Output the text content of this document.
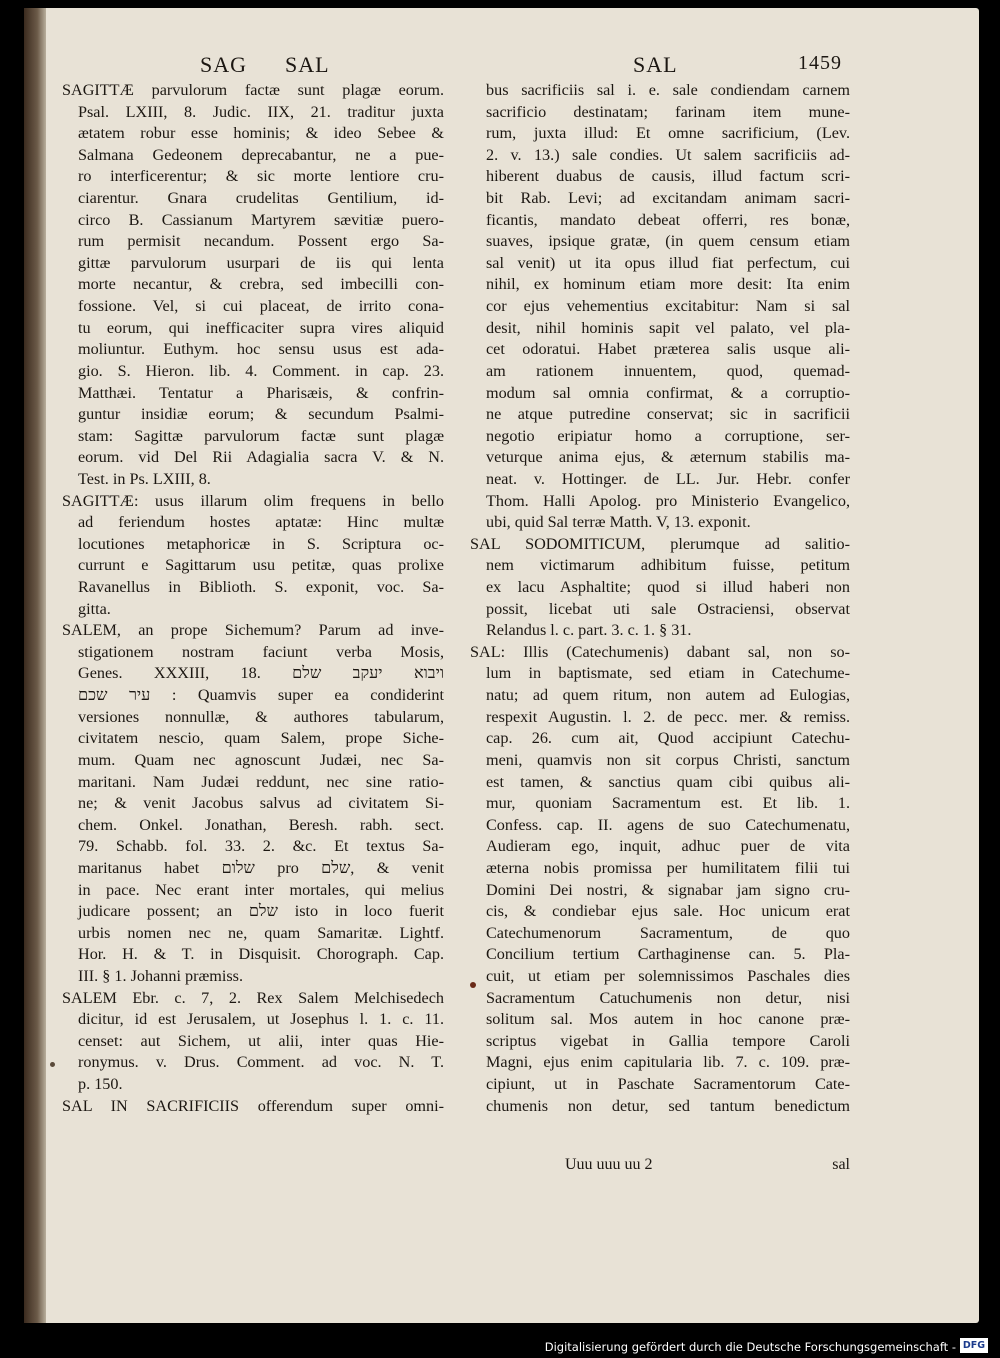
SAG SAL	SAL	1459
SAGITTÆ parvulorum factæ sunt plagæ eorum.
Psal. LXIII, 8. Judic. IIX, 21. traditur juxta
ætatem robur esse hominis; & ideo Sebee &
Salmana Gedeonem deprecabantur, ne a pue-
ro interficerentur; & sic morte lentiore cru-
ciarentur. Gnara crudelitas Gentilium, id-
circo B. Cassianum Martyrem sævitiæ puero-
rum permisit necandum. Possent ergo Sa-
gittæ parvulorum usurpari de iis qui lenta
morte necantur, & crebra, sed imbecilli con-
fossione. Vel, si cui placeat, de irrito cona-
tu eorum, qui inefficaciter supra vires aliquid
moliuntur. Euthym. hoc sensu usus est ada-
gio. S. Hieron. lib. 4. Comment. in cap. 23.
Matthæi. Tentatur a Pharisæis, & confrin-
guntur insidiæ eorum; & secundum Psalmi-
stam: Sagittæ parvulorum factæ sunt plagæ
eorum. vid Del Rii Adagialia sacra V. & N.
Test. in Ps. LXIII, 8.
SAGITTÆ: usus illarum olim frequens in bello
ad feriendum hostes aptatæ: Hinc multæ
locutiones metaphoricæ in S. Scriptura oc-
currunt e Sagittarum usu petitæ, quas prolixe
Ravanellus in Biblioth. S. exponit, voc. Sa-
gitta.
SALEM, an prope Sichemum? Parum ad inve-
stigationem nostram faciunt verba Mosis,
Genes. XXXIII, 18. ויבוא יעקב שלם
עיר שכם : Quamvis super ea condiderint
versiones nonnullæ, & authores tabularum,
civitatem nescio, quam Salem, prope Siche-
mum. Quam nec agnoscunt Judæi, nec Sa-
maritani. Nam Judæi reddunt, nec sine ratio-
ne; & venit Jacobus salvus ad civitatem Si-
chem. Onkel. Jonathan, Beresh. rabh. sect.
79. Schabb. fol. 33. 2. &c. Et textus Sa-
maritanus habet שלום pro שלם, & venit
in pace. Nec erant inter mortales, qui melius
judicare possent; an שלם isto in loco fuerit
urbis nomen nec ne, quam Samaritæ. Lightf.
Hor. H. & T. in Disquisit. Chorograph. Cap.
III. § 1. Johanni præmiss.
SALEM Ebr. c. 7, 2. Rex Salem Melchisedech
dicitur, id est Jerusalem, ut Josephus l. 1. c. 11.
censet: aut Sichem, ut alii, inter quas Hie-
ronymus. v. Drus. Comment. ad voc. N. T.
p. 150.
SAL IN SACRIFICIIS offerendum super omni-
bus sacrificiis sal i. e. sale condiendam carnem
sacrificio destinatam; farinam item mune-
rum, juxta illud: Et omne sacrificium, (Lev.
2. v. 13.) sale condies. Ut salem sacrificiis ad-
hiberent duabus de causis, illud factum scri-
bit Rab. Levi; ad excitandam animam sacri-
ficantis, mandato debeat offerri, res bonæ,
suaves, ipsique gratæ, (in quem censum etiam
sal venit) ut ita opus illud fiat perfectum, cui
nihil, ex hominum etiam more desit: Ita enim
cor ejus vehementius excitabitur: Nam si sal
desit, nihil hominis sapit vel palato, vel pla-
cet odoratui. Habet præterea salis usque ali-
am rationem innuentem, quod, quemad-
modum sal omnia confirmat, & a corruptio-
ne atque putredine conservat; sic in sacrificii
negotio eripiatur homo a corruptione, ser-
veturque anima ejus, & æternum stabilis ma-
neat. v. Hottinger. de LL. Jur. Hebr. confer
Thom. Halli Apolog. pro Ministerio Evangelico,
ubi, quid Sal terræ Matth. V, 13. exponit.
SAL SODOMITICUM, plerumque ad salitio-
nem victimarum adhibitum fuisse, petitum
ex lacu Asphaltite; quod si illud haberi non
possit, licebat uti sale Ostraciensi, observat
Relandus l. c. part. 3. c. 1. § 31.
SAL: Illis (Catechumenis) dabant sal, non so-
lum in baptismate, sed etiam in Catechume-
natu; ad quem ritum, non autem ad Eulogias,
respexit Augustin. l. 2. de pecc. mer. & remiss.
cap. 26. cum ait, Quod accipiunt Catechu-
meni, quamvis non sit corpus Christi, sanctum
est tamen, & sanctius quam cibi quibus ali-
mur, quoniam Sacramentum est. Et lib. 1.
Confess. cap. II. agens de suo Catechumenatu,
Audieram ego, inquit, adhuc puer de vita
æterna nobis promissa per humilitatem filii tui
Domini Dei nostri, & signabar jam signo cru-
cis, & condiebar ejus sale. Hoc unicum erat
Catechumenorum Sacramentum, de quo
Concilium tertium Carthaginense can. 5. Pla-
cuit, ut etiam per solemnissimos Paschales dies
Sacramentum Catuchumenis non detur, nisi
solitum sal. Mos autem in hoc canone præ-
scriptus vigebat in Gallia tempore Caroli
Magni, ejus enim capitularia lib. 7. c. 109. præ-
cipiunt, ut in Paschate Sacramentorum Cate-
chumenis non detur, sed tantum benedictum
Uuu uuu uu 2	sal
Digitalisierung gefördert durch die Deutsche Forschungsgemeinschaft - DFG
